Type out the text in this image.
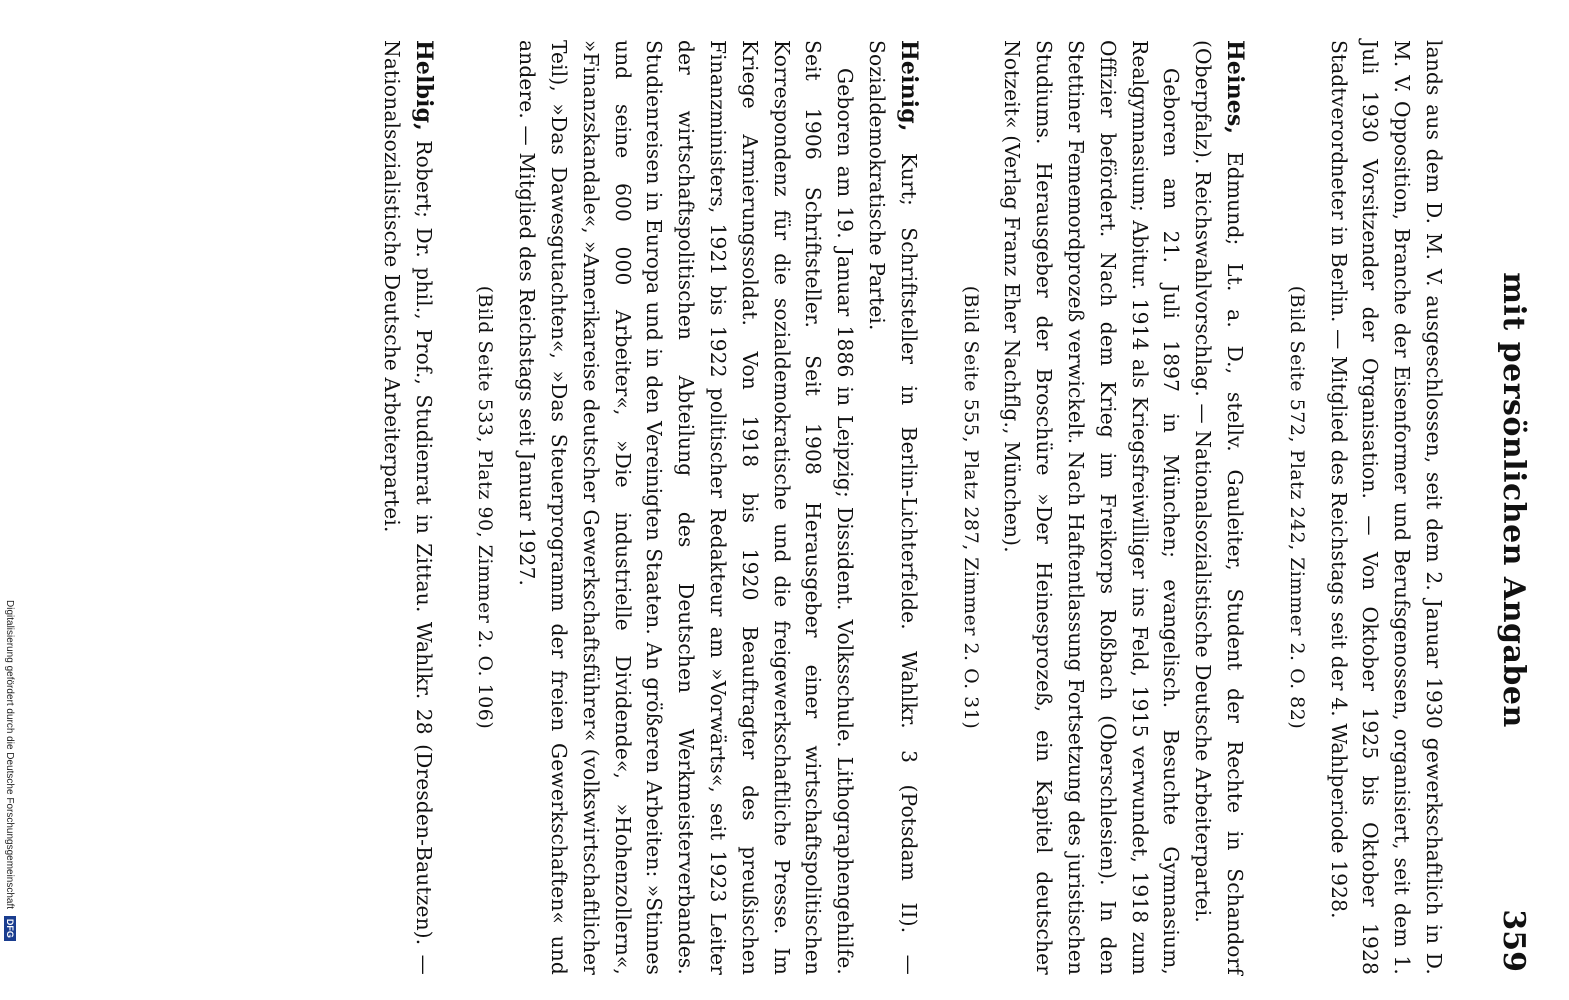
mit persönlichen Angaben
359

lands aus dem D. M. V. ausgeschlossen, seit dem 2. Januar 1930 gewerkschaftlich in D. M. V. Opposition, Branche der Eisenformer und Berufsgenossen, organisiert, seit dem 1. Juli 1930 Vorsitzender der Organisation. — Von Oktober 1925 bis Oktober 1928 Stadtverordneter in Berlin. — Mitglied des Reichstags seit der 4. Wahlperiode 1928.

(Bild Seite 572, Platz 242, Zimmer 2. O. 82)

Heines, Edmund; Lt. a. D., stellv. Gauleiter, Student der Rechte in Schandorf (Oberpfalz). Reichswahlvorschlag. — Nationalsozialistische Deutsche Arbeiterpartei.

Geboren am 21. Juli 1897 in München; evangelisch. Besuchte Gymnasium, Realgymnasium; Abitur. 1914 als Kriegsfreiwilliger ins Feld, 1915 verwundet, 1918 zum Offizier befördert. Nach dem Krieg im Freikorps Roßbach (Oberschlesien). In den Stettiner Fememordprozeß verwickelt. Nach Haftentlassung Fortsetzung des juristischen Studiums. Herausgeber der Broschüre »Der Heinesprozeß, ein Kapitel deutscher Notzeit« (Verlag Franz Eher Nachflg., München).

(Bild Seite 555, Platz 287, Zimmer 2. O. 31)

Heinig, Kurt; Schriftsteller in Berlin-Lichterfelde. Wahlkr. 3 (Potsdam II). — Sozialdemokratische Partei.

Geboren am 19. Januar 1886 in Leipzig; Dissident. Volksschule. Lithographengehilfe. Seit 1906 Schriftsteller. Seit 1908 Herausgeber einer wirtschaftspolitischen Korrespondenz für die sozialdemokratische und die freigewerkschaftliche Presse. Im Kriege Armierungssoldat. Von 1918 bis 1920 Beauftragter des preußischen Finanzministers, 1921 bis 1922 politischer Redakteur am »Vorwärts«, seit 1923 Leiter der wirtschaftspolitischen Abteilung des Deutschen Werkmeisterverbandes. Studienreisen in Europa und in den Vereinigten Staaten. An größeren Arbeiten: »Stinnes und seine 600 000 Arbeiter«, »Die industrielle Dividende«, »Hohenzollern«, »Finanzskandale«, »Amerikareise deutscher Gewerkschaftsführer« (volkswirtschaftlicher Teil), »Das Dawesgutachten«, »Das Steuerprogramm der freien Gewerkschaften« und andere. — Mitglied des Reichstags seit Januar 1927.

(Bild Seite 533, Platz 90, Zimmer 2. O. 106)

Helbig, Robert; Dr. phil., Prof., Studienrat in Zittau. Wahlkr. 28 (Dresden-Bautzen). — Nationalsozialistische Deutsche Arbeiterpartei.

Digitalisierung gefördert durch die Deutsche Forschungsgemeinschaft DFG
